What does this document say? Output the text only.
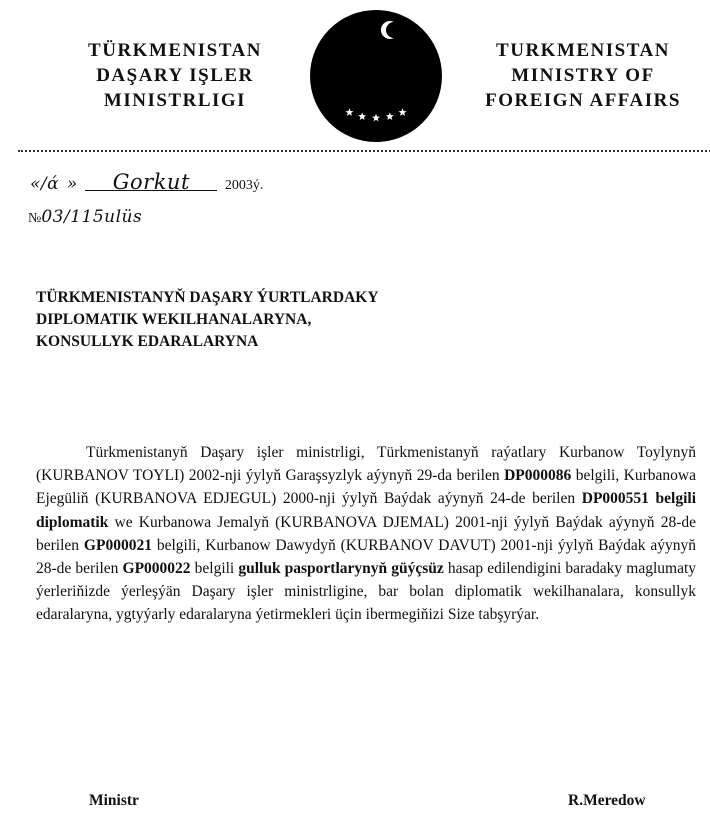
TÜRKMENISTAN
DAŞARY IŞLER
MINISTRLIGI
TURKMENISTAN
MINISTRY OF
FOREIGN AFFAIRS
«/ά » Gorkut 2003ý.
№03/115ulüs
TÜRKMENISTANYŇ DAŞARY ÝURTLARDAKY
DIPLOMATIK WEKILHANALARYNA,
KONSULLYK EDARALARYNA

Türkmenistanyň Daşary işler ministrligi, Türkmenistanyň raýatlary Kurbanow Toylynyň (KURBANOV TOYLI) 2002-nji ýylyň Garaşsyzlyk aýynyň 29-da berilen DP000086 belgili, Kurbanowa Ejegüliň (KURBANOVA EDJEGUL) 2000-nji ýylyň Baýdak aýynyň 24-de berilen DP000551 belgili diplomatik we Kurbanowa Jemalyň (KURBANOVA DJEMAL) 2001-nji ýylyň Baýdak aýynyň 28-de berilen GP000021 belgili, Kurbanow Dawydyň (KURBANOV DAVUT) 2001-nji ýylyň Baýdak aýynyň 28-de berilen GP000022 belgili gulluk pasportlarynyň güýçsüz hasap edilendigini baradaky maglumaty ýerleriňizde ýerleşýän Daşary işler ministrligine, bar bolan diplomatik wekilhanalara, konsullyk edaralaryna, ygtyýarly edaralaryna ýetirmekleri üçin ibermegiňizi Size tabşyrýar.

Ministr	R.Meredow
